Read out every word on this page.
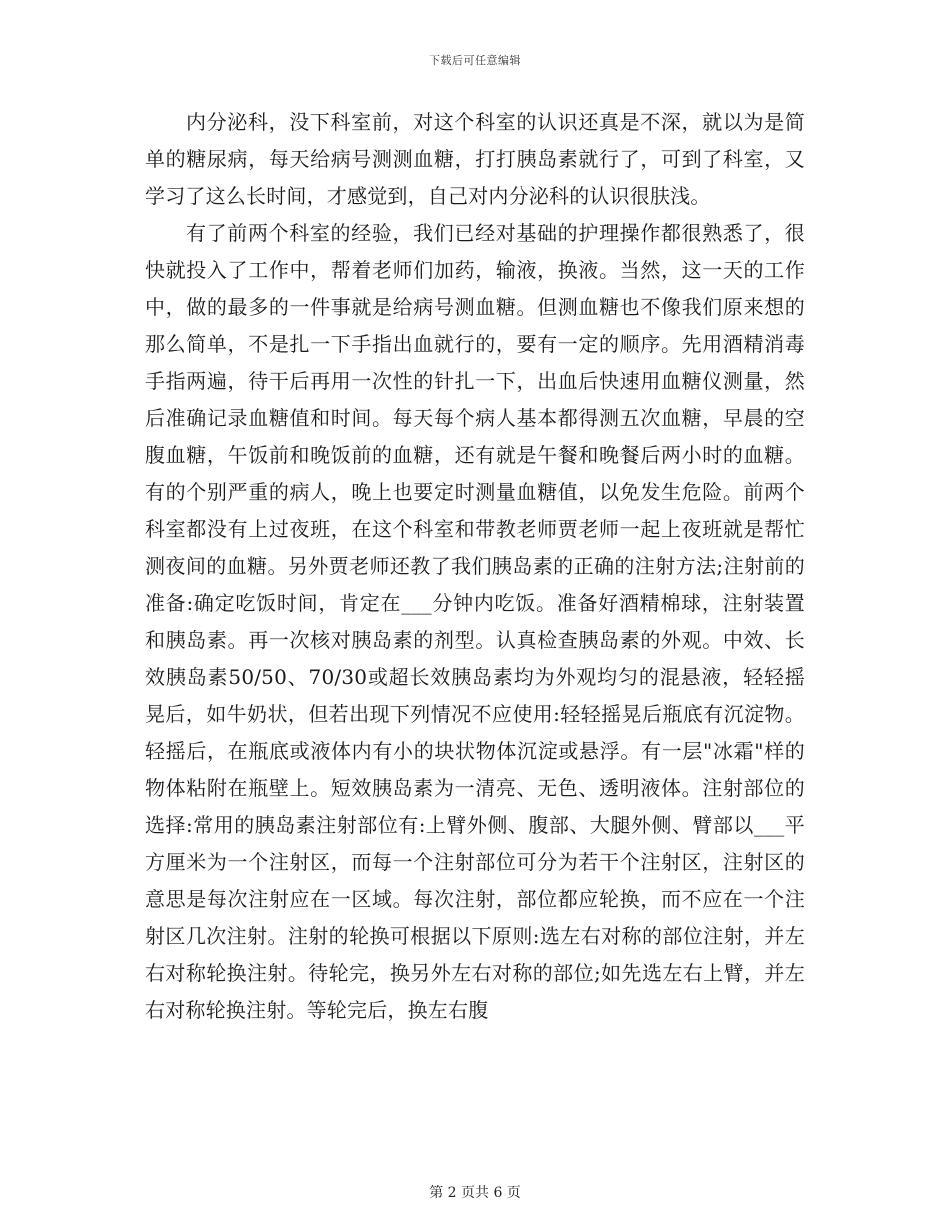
下载后可任意编辑

内分泌科，没下科室前，对这个科室的认识还真是不深，就以为是简单的糖尿病，每天给病号测测血糖，打打胰岛素就行了，可到了科室，又学习了这么长时间，才感觉到，自己对内分泌科的认识很肤浅。

有了前两个科室的经验，我们已经对基础的护理操作都很熟悉了，很快就投入了工作中，帮着老师们加药，输液，换液。当然，这一天的工作中，做的最多的一件事就是给病号测血糖。但测血糖也不像我们原来想的那么简单，不是扎一下手指出血就行的，要有一定的顺序。先用酒精消毒手指两遍，待干后再用一次性的针扎一下，出血后快速用血糖仪测量，然后准确记录血糖值和时间。每天每个病人基本都得测五次血糖，早晨的空腹血糖，午饭前和晚饭前的血糖，还有就是午餐和晚餐后两小时的血糖。有的个别严重的病人，晚上也要定时测量血糖值，以免发生危险。前两个科室都没有上过夜班，在这个科室和带教老师贾老师一起上夜班就是帮忙测夜间的血糖。另外贾老师还教了我们胰岛素的正确的注射方法;注射前的准备:确定吃饭时间，肯定在___分钟内吃饭。准备好酒精棉球，注射装置和胰岛素。再一次核对胰岛素的剂型。认真检查胰岛素的外观。中效、长效胰岛素50/50、70/30或超长效胰岛素均为外观均匀的混悬液，轻轻摇晃后，如牛奶状，但若出现下列情况不应使用:轻轻摇晃后瓶底有沉淀物。轻摇后，在瓶底或液体内有小的块状物体沉淀或悬浮。有一层"冰霜"样的物体粘附在瓶壁上。短效胰岛素为一清亮、无色、透明液体。注射部位的选择:常用的胰岛素注射部位有:上臂外侧、腹部、大腿外侧、臂部以___平方厘米为一个注射区，而每一个注射部位可分为若干个注射区，注射区的意思是每次注射应在一区域。每次注射，部位都应轮换，而不应在一个注射区几次注射。注射的轮换可根据以下原则:选左右对称的部位注射，并左右对称轮换注射。待轮完，换另外左右对称的部位;如先选左右上臂，并左右对称轮换注射。等轮完后，换左右腹

第 2 页共 6 页
